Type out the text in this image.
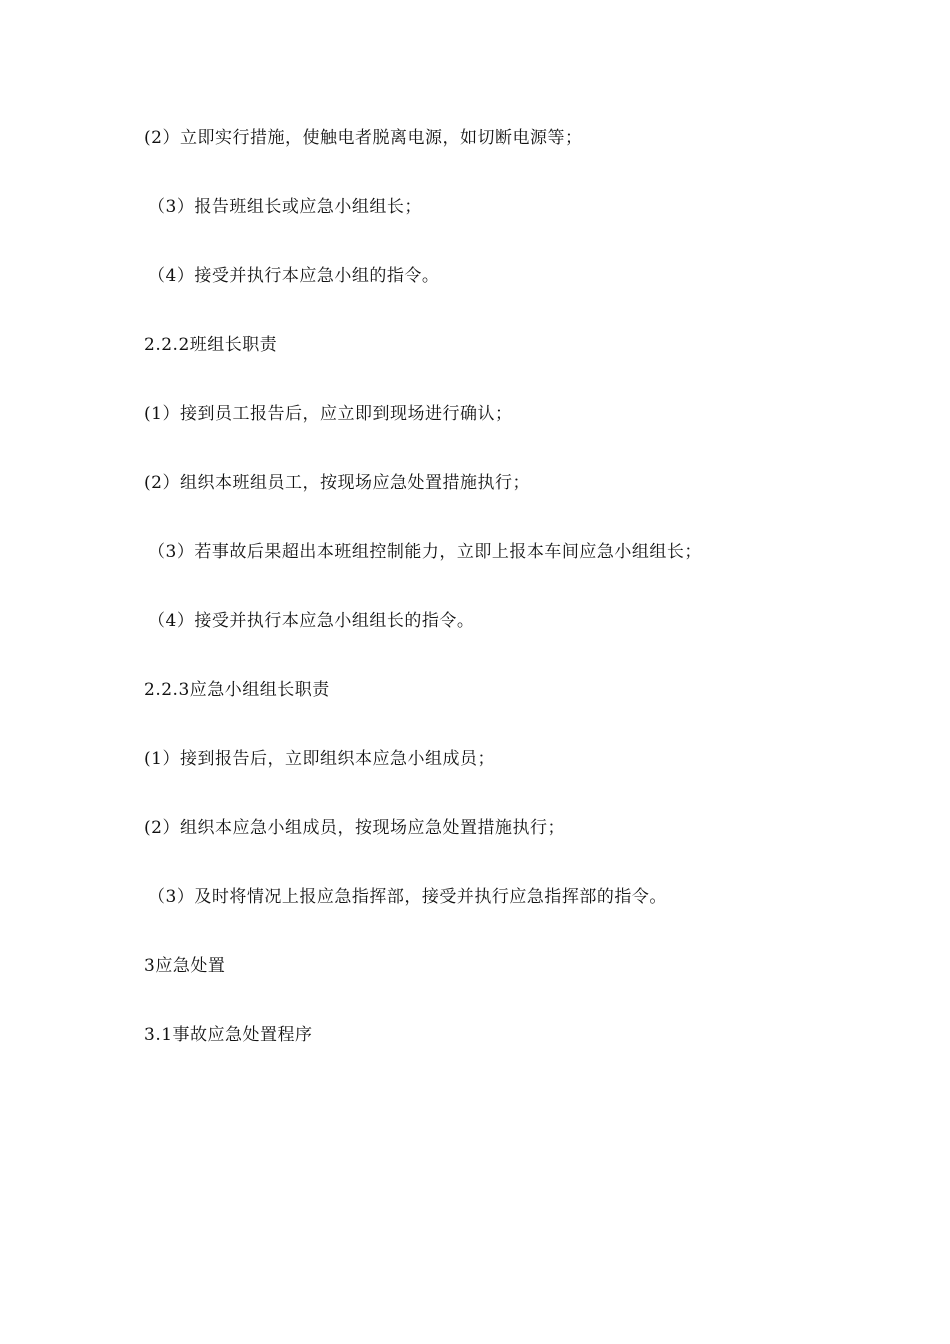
(2）立即实行措施，使触电者脱离电源，如切断电源等；
（3）报告班组长或应急小组组长；
（4）接受并执行本应急小组的指令。
2.2.2班组长职责
(1）接到员工报告后，应立即到现场进行确认；
(2）组织本班组员工，按现场应急处置措施执行；
（3）若事故后果超出本班组控制能力，立即上报本车间应急小组组长；
（4）接受并执行本应急小组组长的指令。
2.2.3应急小组组长职责
(1）接到报告后，立即组织本应急小组成员；
(2）组织本应急小组成员，按现场应急处置措施执行；
（3）及时将情况上报应急指挥部，接受并执行应急指挥部的指令。
3应急处置
3.1事故应急处置程序
